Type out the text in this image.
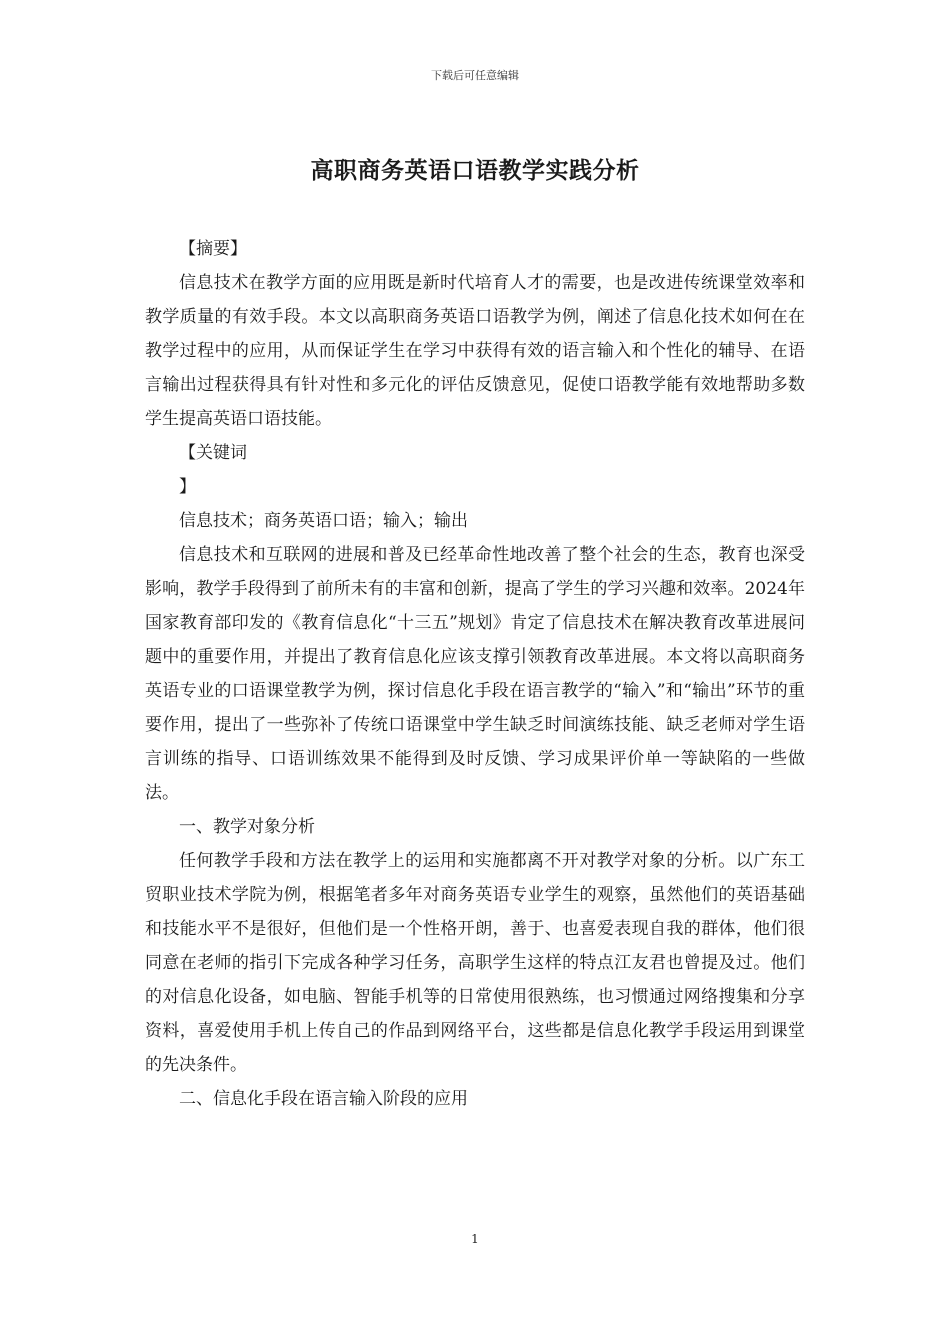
下载后可任意编辑
高职商务英语口语教学实践分析

【摘要】

信息技术在教学方面的应用既是新时代培育人才的需要，也是改进传统课堂效率和教学质量的有效手段。本文以高职商务英语口语教学为例，阐述了信息化技术如何在在教学过程中的应用，从而保证学生在学习中获得有效的语言输入和个性化的辅导、在语言输出过程获得具有针对性和多元化的评估反馈意见，促使口语教学能有效地帮助多数学生提高英语口语技能。

【关键词

】

信息技术；商务英语口语；输入；输出

信息技术和互联网的进展和普及已经革命性地改善了整个社会的生态，教育也深受影响，教学手段得到了前所未有的丰富和创新，提高了学生的学习兴趣和效率。2024年国家教育部印发的《教育信息化“十三五”规划》肯定了信息技术在解决教育改革进展问题中的重要作用，并提出了教育信息化应该支撑引领教育改革进展。本文将以高职商务英语专业的口语课堂教学为例，探讨信息化手段在语言教学的“输入”和“输出”环节的重要作用，提出了一些弥补了传统口语课堂中学生缺乏时间演练技能、缺乏老师对学生语言训练的指导、口语训练效果不能得到及时反馈、学习成果评价单一等缺陷的一些做法。

一、教学对象分析

任何教学手段和方法在教学上的运用和实施都离不开对教学对象的分析。以广东工贸职业技术学院为例，根据笔者多年对商务英语专业学生的观察，虽然他们的英语基础和技能水平不是很好，但他们是一个性格开朗，善于、也喜爱表现自我的群体，他们很同意在老师的指引下完成各种学习任务，高职学生这样的特点江友君也曾提及过。他们的对信息化设备，如电脑、智能手机等的日常使用很熟练，也习惯通过网络搜集和分享资料，喜爱使用手机上传自己的作品到网络平台，这些都是信息化教学手段运用到课堂的先决条件。

二、信息化手段在语言输入阶段的应用

1
